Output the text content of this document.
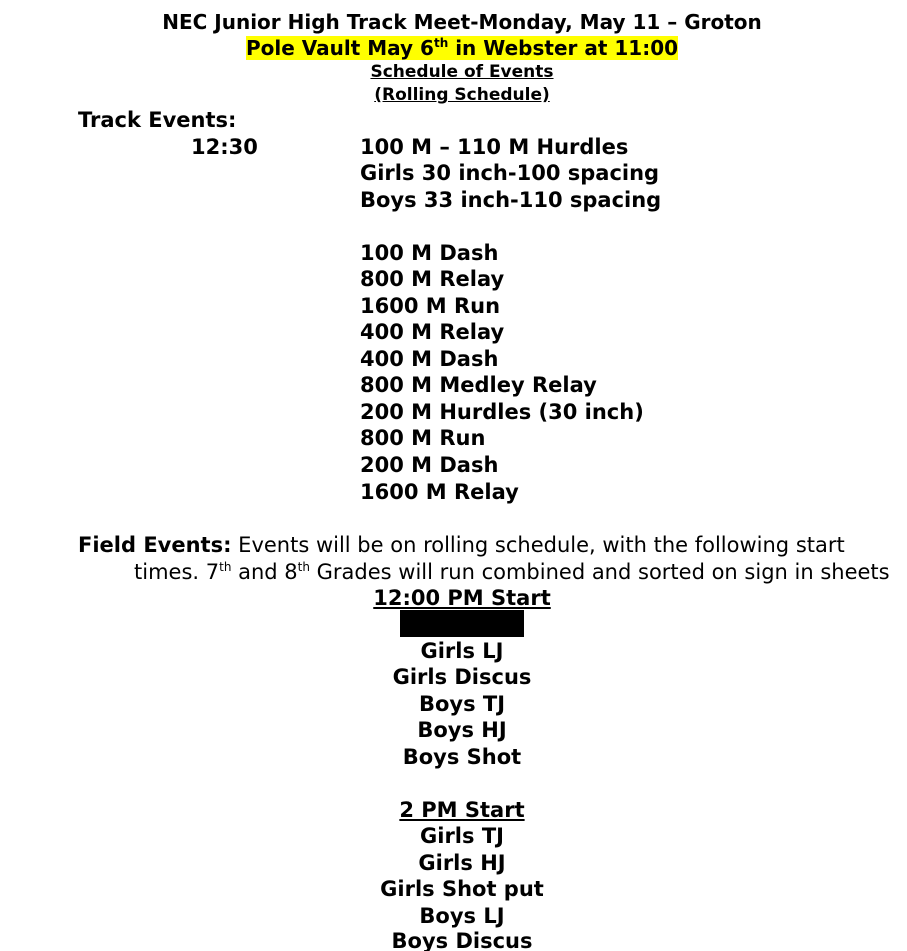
NEC Junior High Track Meet-Monday, May 11 – Groton
Pole Vault May 6th in Webster at 11:00
Schedule of Events
(Rolling Schedule)
Track Events:
12:30	100 M – 110 M Hurdles
Girls 30 inch-100 spacing
Boys 33 inch-110 spacing
100 M Dash
800 M Relay
1600 M Run
400 M Relay
400 M Dash
800 M Medley Relay
200 M Hurdles (30 inch)
800 M Run
200 M Dash
1600 M Relay
Field Events: Events will be on rolling schedule, with the following start
times. 7th and 8th Grades will run combined and sorted on sign in sheets
12:00 PM Start
Girls LJ
Girls Discus
Boys TJ
Boys HJ
Boys Shot
2 PM Start
Girls TJ
Girls HJ
Girls Shot put
Boys LJ
Boys Discus
